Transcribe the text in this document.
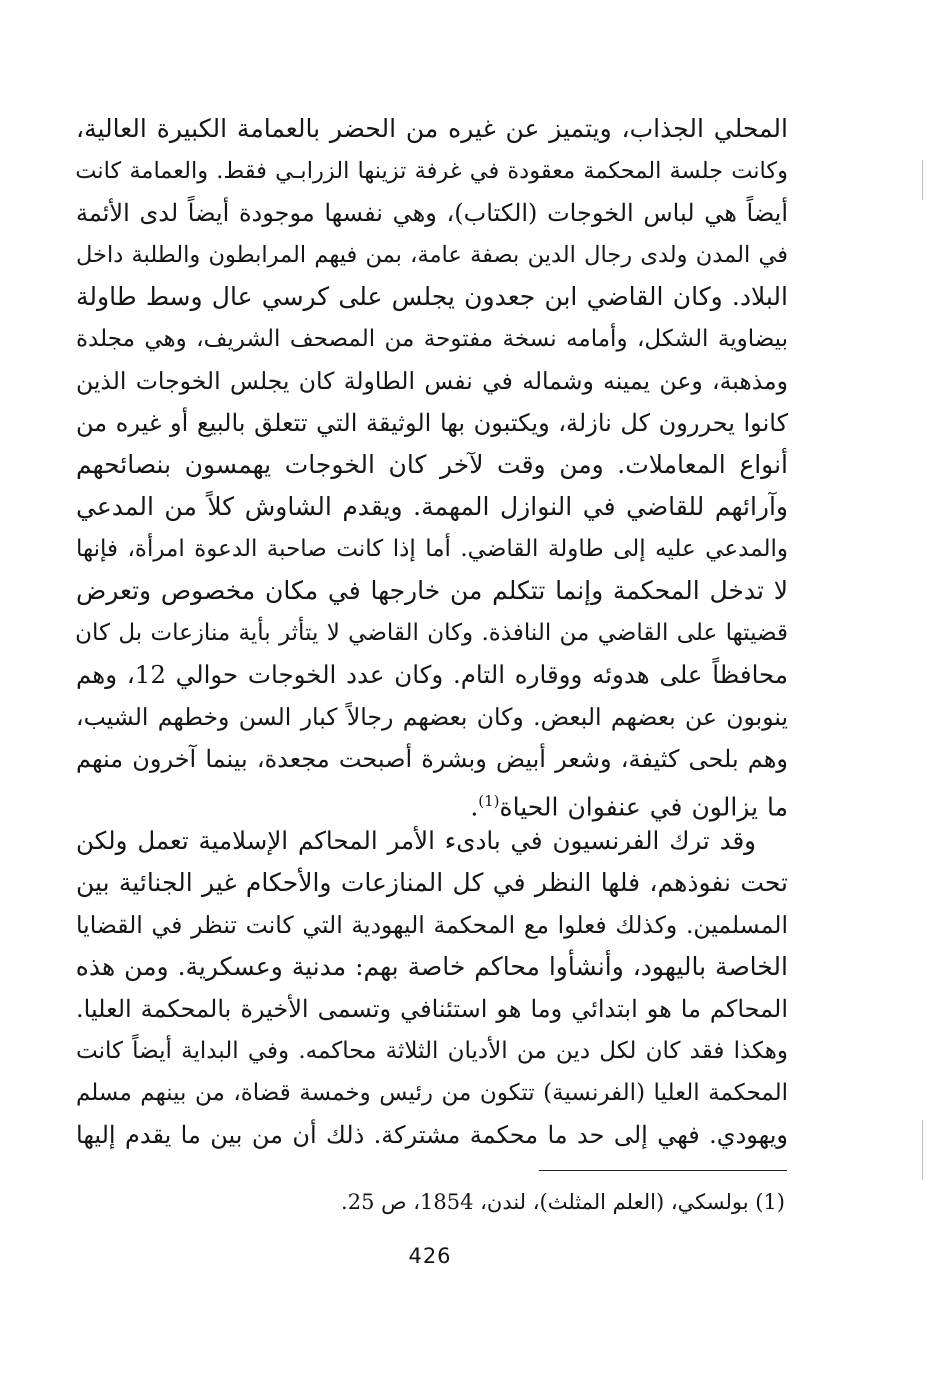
المحلي الجذاب، ويتميز عن غيره من الحضر بالعمامة الكبيرة العالية،
وكانت جلسة المحكمة معقودة في غرفة تزينها الزرابـي فقط. والعمامة كانت
أيضاً هي لباس الخوجات (الكتاب)، وهي نفسها موجودة أيضاً لدى الأئمة
في المدن ولدى رجال الدين بصفة عامة، بمن فيهم المرابطون والطلبة داخل
البلاد. وكان القاضي ابن جعدون يجلس على كرسي عال وسط طاولة
بيضاوية الشكل، وأمامه نسخة مفتوحة من المصحف الشريف، وهي مجلدة
ومذهبة، وعن يمينه وشماله في نفس الطاولة كان يجلس الخوجات الذين
كانوا يحررون كل نازلة، ويكتبون بها الوثيقة التي تتعلق بالبيع أو غيره من
أنواع المعاملات. ومن وقت لآخر كان الخوجات يهمسون بنصائحهم
وآرائهم للقاضي في النوازل المهمة. ويقدم الشاوش كلاً من المدعي
والمدعي عليه إلى طاولة القاضي. أما إذا كانت صاحبة الدعوة امرأة، فإنها
لا تدخل المحكمة وإنما تتكلم من خارجها في مكان مخصوص وتعرض
قضيتها على القاضي من النافذة. وكان القاضي لا يتأثر بأية منازعات بل كان
محافظاً على هدوئه ووقاره التام. وكان عدد الخوجات حوالي 12، وهم
ينوبون عن بعضهم البعض. وكان بعضهم رجالاً كبار السن وخطهم الشيب،
وهم بلحى كثيفة، وشعر أبيض وبشرة أصبحت مجعدة، بينما آخرون منهم
ما يزالون في عنفوان الحياة$^{(1)}$.
وقد ترك الفرنسيون في بادىء الأمر المحاكم الإسلامية تعمل ولكن
تحت نفوذهم، فلها النظر في كل المنازعات والأحكام غير الجنائية بين
المسلمين. وكذلك فعلوا مع المحكمة اليهودية التي كانت تنظر في القضايا
الخاصة باليهود، وأنشأوا محاكم خاصة بهم: مدنية وعسكرية. ومن هذه
المحاكم ما هو ابتدائي وما هو استئنافي وتسمى الأخيرة بالمحكمة العليا.
وهكذا فقد كان لكل دين من الأديان الثلاثة محاكمه. وفي البداية أيضاً كانت
المحكمة العليا (الفرنسية) تتكون من رئيس وخمسة قضاة، من بينهم مسلم
ويهودي. فهي إلى حد ما محكمة مشتركة. ذلك أن من بين ما يقدم إليها
(1) بولسكي، (العلم المثلث)، لندن، 1854، ص 25.
426
